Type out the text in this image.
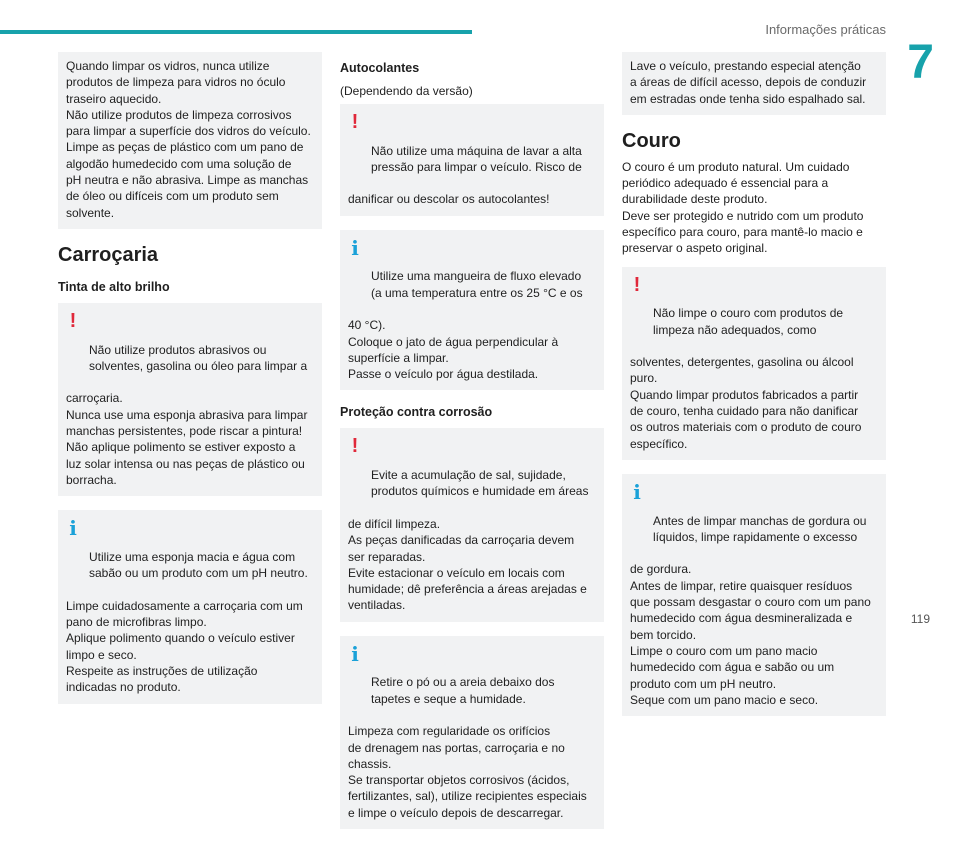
Informações práticas
7
119
Quando limpar os vidros, nunca utilize
produtos de limpeza para vidros no óculo
traseiro aquecido.
Não utilize produtos de limpeza corrosivos
para limpar a superfície dos vidros do veículo.
Limpe as peças de plástico com um pano de
algodão humedecido com uma solução de
pH neutra e não abrasiva. Limpe as manchas
de óleo ou difíceis com um produto sem
solvente.
Carroçaria
Tinta de alto brilho

!

Não utilize produtos abrasivos ou
solventes, gasolina ou óleo para limpar a

carroçaria.
Nunca use uma esponja abrasiva para limpar
manchas persistentes, pode riscar a pintura!
Não aplique polimento se estiver exposto a
luz solar intensa ou nas peças de plástico ou
borracha.

i

Utilize uma esponja macia e água com
sabão ou um produto com um pH neutro.

Limpe cuidadosamente a carroçaria com um
pano de microfibras limpo.
Aplique polimento quando o veículo estiver
limpo e seco.
Respeite as instruções de utilização
indicadas no produto.

Autocolantes
(Dependendo da versão)

!

Não utilize uma máquina de lavar a alta
pressão para limpar o veículo. Risco de

danificar ou descolar os autocolantes!

i

Utilize uma mangueira de fluxo elevado
(a uma temperatura entre os 25 °C e os

40 °C).
Coloque o jato de água perpendicular à
superfície a limpar.
Passe o veículo por água destilada.

Proteção contra corrosão

!

Evite a acumulação de sal, sujidade,
produtos químicos e humidade em áreas

de difícil limpeza.
As peças danificadas da carroçaria devem
ser reparadas.
Evite estacionar o veículo em locais com
humidade; dê preferência a áreas arejadas e
ventiladas.

i

Retire o pó ou a areia debaixo dos
tapetes e seque a humidade.

Limpeza com regularidade os orifícios
de drenagem nas portas, carroçaria e no
chassis.
Se transportar objetos corrosivos (ácidos,
fertilizantes, sal), utilize recipientes especiais
e limpe o veículo depois de descarregar.

Lave o veículo, prestando especial atenção
a áreas de difícil acesso, depois de conduzir
em estradas onde tenha sido espalhado sal.
Couro
O couro é um produto natural. Um cuidado
periódico adequado é essencial para a
durabilidade deste produto.
Deve ser protegido e nutrido com um produto
específico para couro, para mantê-lo macio e
preservar o aspeto original.

!

Não limpe o couro com produtos de
limpeza não adequados, como

solventes, detergentes, gasolina ou álcool
puro.
Quando limpar produtos fabricados a partir
de couro, tenha cuidado para não danificar
os outros materiais com o produto de couro
específico.

i

Antes de limpar manchas de gordura ou
líquidos, limpe rapidamente o excesso

de gordura.
Antes de limpar, retire quaisquer resíduos
que possam desgastar o couro com um pano
humedecido com água desmineralizada e
bem torcido.
Limpe o couro com um pano macio
humedecido com água e sabão ou um
produto com um pH neutro.
Seque com um pano macio e seco.
